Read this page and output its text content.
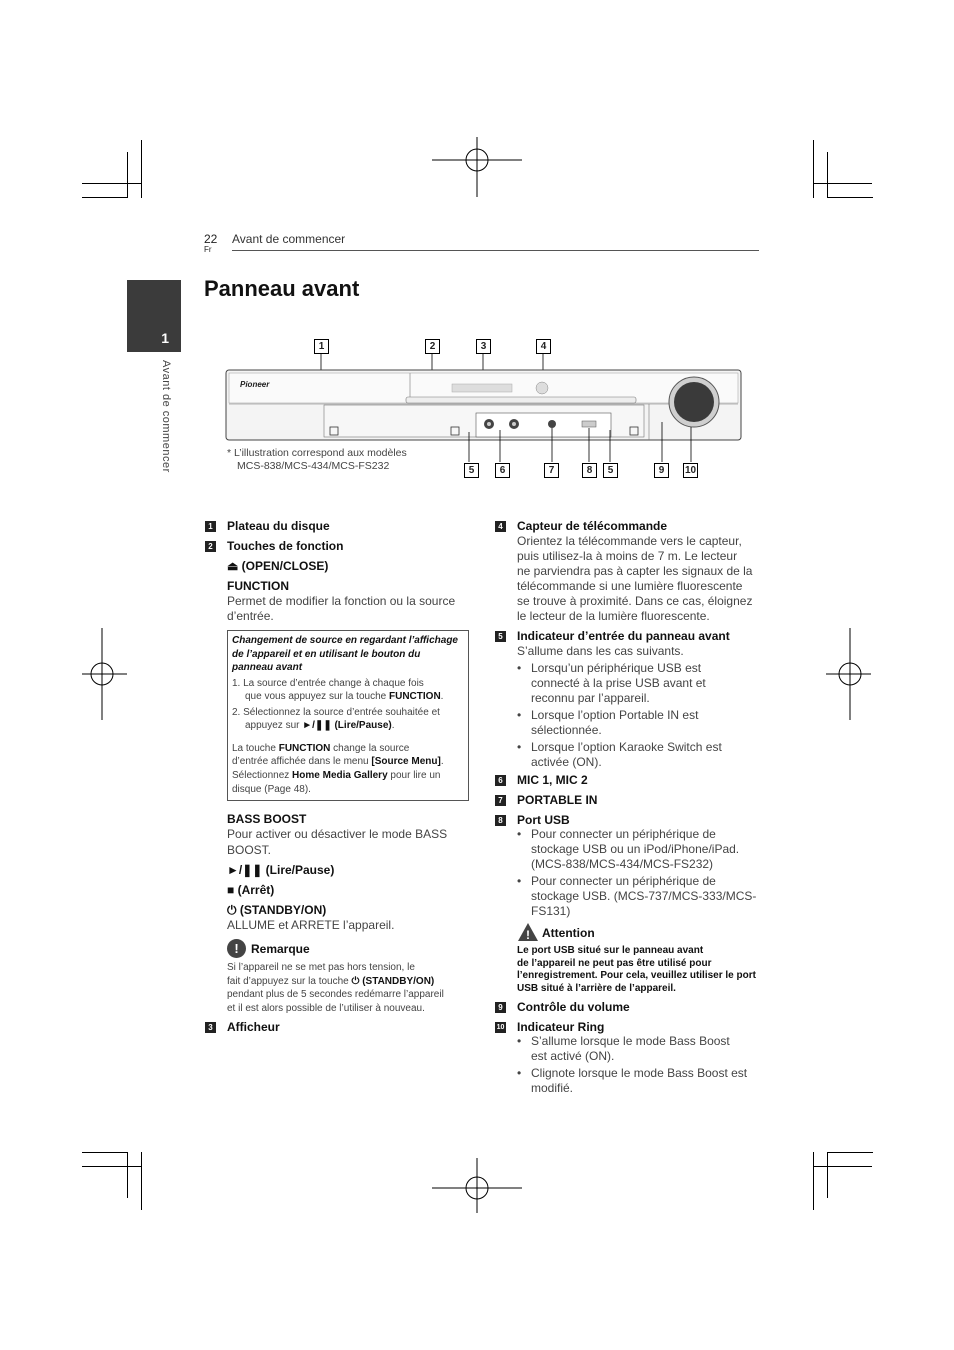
22
Fr
Avant de commencer
1
Avant de commencer
Panneau avant
1	2	3	4
Pioneer
5	6	7	8	5	9	10
* L’illustration correspond aux modèles
MCS-838/MCS-434/MCS-FS232
1 Plateau du disque
2 Touches de fonction
⏏ (OPEN/CLOSE)
FUNCTION
Permet de modifier la fonction ou la source
d’entrée.
Changement de source en regardant l’affichage
de l’appareil et en utilisant le bouton du
panneau avant
1. La source d’entrée change à chaque fois
que vous appuyez sur la touche FUNCTION.
2. Sélectionnez la source d’entrée souhaitée et
appuyez sur ►/❚❚ (Lire/Pause).
La touche FUNCTION change la source
d’entrée affichée dans le menu [Source Menu].
Sélectionnez Home Media Gallery pour lire un
disque (Page 48).
BASS BOOST
Pour activer ou désactiver le mode BASS
BOOST.
►/❚❚ (Lire/Pause)
■ (Arrêt)
⏻ (STANDBY/ON)
ALLUME et ARRETE l’appareil.
!	Remarque
Si l’appareil ne se met pas hors tension, le
fait d’appuyez sur la touche ⏻ (STANDBY/ON)
pendant plus de 5 secondes redémarre l’appareil
et il est alors possible de l’utiliser à nouveau.
3 Afficheur
4 Capteur de télécommande
Orientez la télécommande vers le capteur,
puis utilisez-la à moins de 7 m. Le lecteur
ne parviendra pas à capter les signaux de la
télécommande si une lumière fluorescente
se trouve à proximité. Dans ce cas, éloignez
le lecteur de la lumière fluorescente.
5 Indicateur d’entrée du panneau avant
S’allume dans les cas suivants.
• Lorsqu’un périphérique USB est
connecté à la prise USB avant et
reconnu par l’appareil.
• Lorsque l’option Portable IN est
sélectionnée.
• Lorsque l’option Karaoke Switch est
activée (ON).
6 MIC 1, MIC 2
7 PORTABLE IN
8 Port USB
• Pour connecter un périphérique de
stockage USB ou un iPod/iPhone/iPad.
(MCS-838/MCS-434/MCS-FS232)
• Pour connecter un périphérique de
stockage USB. (MCS-737/MCS-333/MCS-
FS131)
! Attention
Le port USB situé sur le panneau avant
de l’appareil ne peut pas être utilisé pour
l’enregistrement. Pour cela, veuillez utiliser le port
USB situé à l’arrière de l’appareil.
9 Contrôle du volume
10 Indicateur Ring
• S’allume lorsque le mode Bass Boost
est activé (ON).
• Clignote lorsque le mode Bass Boost est
modifié.
